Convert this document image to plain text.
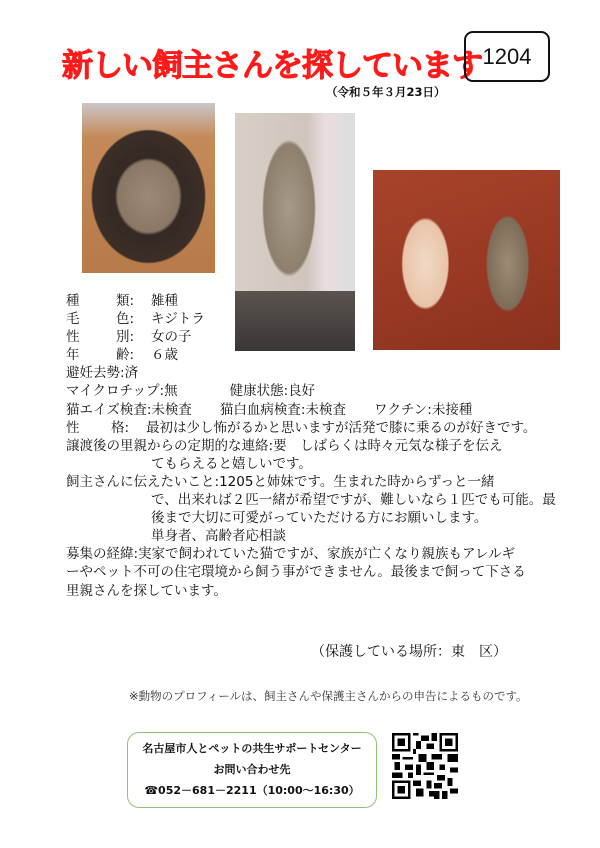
新しい飼主さんを探しています 1204
（令和５年３月23日）
種	類: 雑種
毛	色: キジトラ
性	別: 女の子
年	齢: ６歳
避妊去勢:済
マイクロチップ:無	健康状態:良好
猫エイズ検査:未検査 猫白血病検査:未検査 ワクチン:未接種
性 格: 最初は少し怖がるかと思いますが活発で膝に乗るのが好きです。
譲渡後の里親からの定期的な連絡:要　しばらくは時々元気な様子を伝え
てもらえると嬉しいです。
飼主さんに伝えたいこと:1205と姉妹です。生まれた時からずっと一緒
で、出来れば２匹一緒が希望ですが、難しいなら１匹でも可能。最
後まで大切に可愛がっていただける方にお願いします。
単身者、高齢者応相談
募集の経緯:実家で飼われていた猫ですが、家族が亡くなり親族もアレルギ
ーやペット不可の住宅環境から飼う事ができません。最後まで飼って下さる
里親さんを探しています。
（保護している場所：東　区）
※動物のプロフィールは、飼主さんや保護主さんからの申告によるものです。
名古屋市人とペットの共生サポートセンター
お問い合わせ先
☎052－681－2211（10:00～16:30）
